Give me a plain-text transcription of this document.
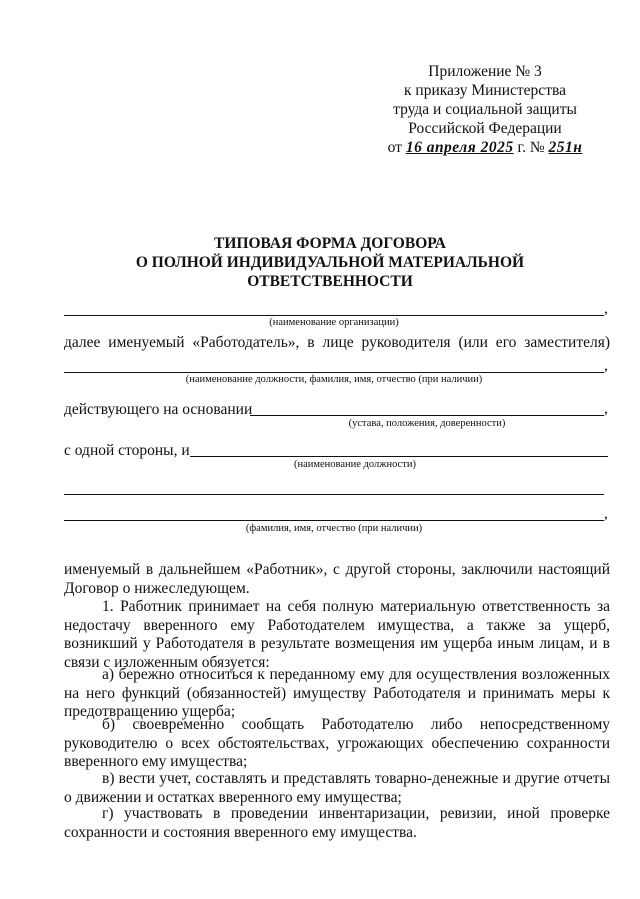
Приложение № 3
к приказу Министерства
труда и социальной защиты
Российской Федерации
от 16 апреля 2025 г. № 251н
ТИПОВАЯ ФОРМА ДОГОВОРА
О ПОЛНОЙ ИНДИВИДУАЛЬНОЙ МАТЕРИАЛЬНОЙ
ОТВЕТСТВЕННОСТИ
,
(наименование организации)
далее именуемый «Работодатель», в лице руководителя (или его заместителя)
,
(наименование должности, фамилия, имя, отчество (при наличии)
действующего на основании	,
(устава, положения, доверенности)
с одной стороны, и
(наименование должности)
,
(фамилия, имя, отчество (при наличии)
именуемый в дальнейшем «Работник», с другой стороны, заключили настоящий Договор о нижеследующем.
1. Работник принимает на себя полную материальную ответственность за недостачу вверенного ему Работодателем имущества, а также за ущерб, возникший у Работодателя в результате возмещения им ущерба иным лицам, и в связи с изложенным обязуется:
а) бережно относиться к переданному ему для осуществления возложенных на него функций (обязанностей) имуществу Работодателя и принимать меры к предотвращению ущерба;
б) своевременно сообщать Работодателю либо непосредственному руководителю о всех обстоятельствах, угрожающих обеспечению сохранности вверенного ему имущества;
в) вести учет, составлять и представлять товарно-денежные и другие отчеты о движении и остатках вверенного ему имущества;
г) участвовать в проведении инвентаризации, ревизии, иной проверке сохранности и состояния вверенного ему имущества.
